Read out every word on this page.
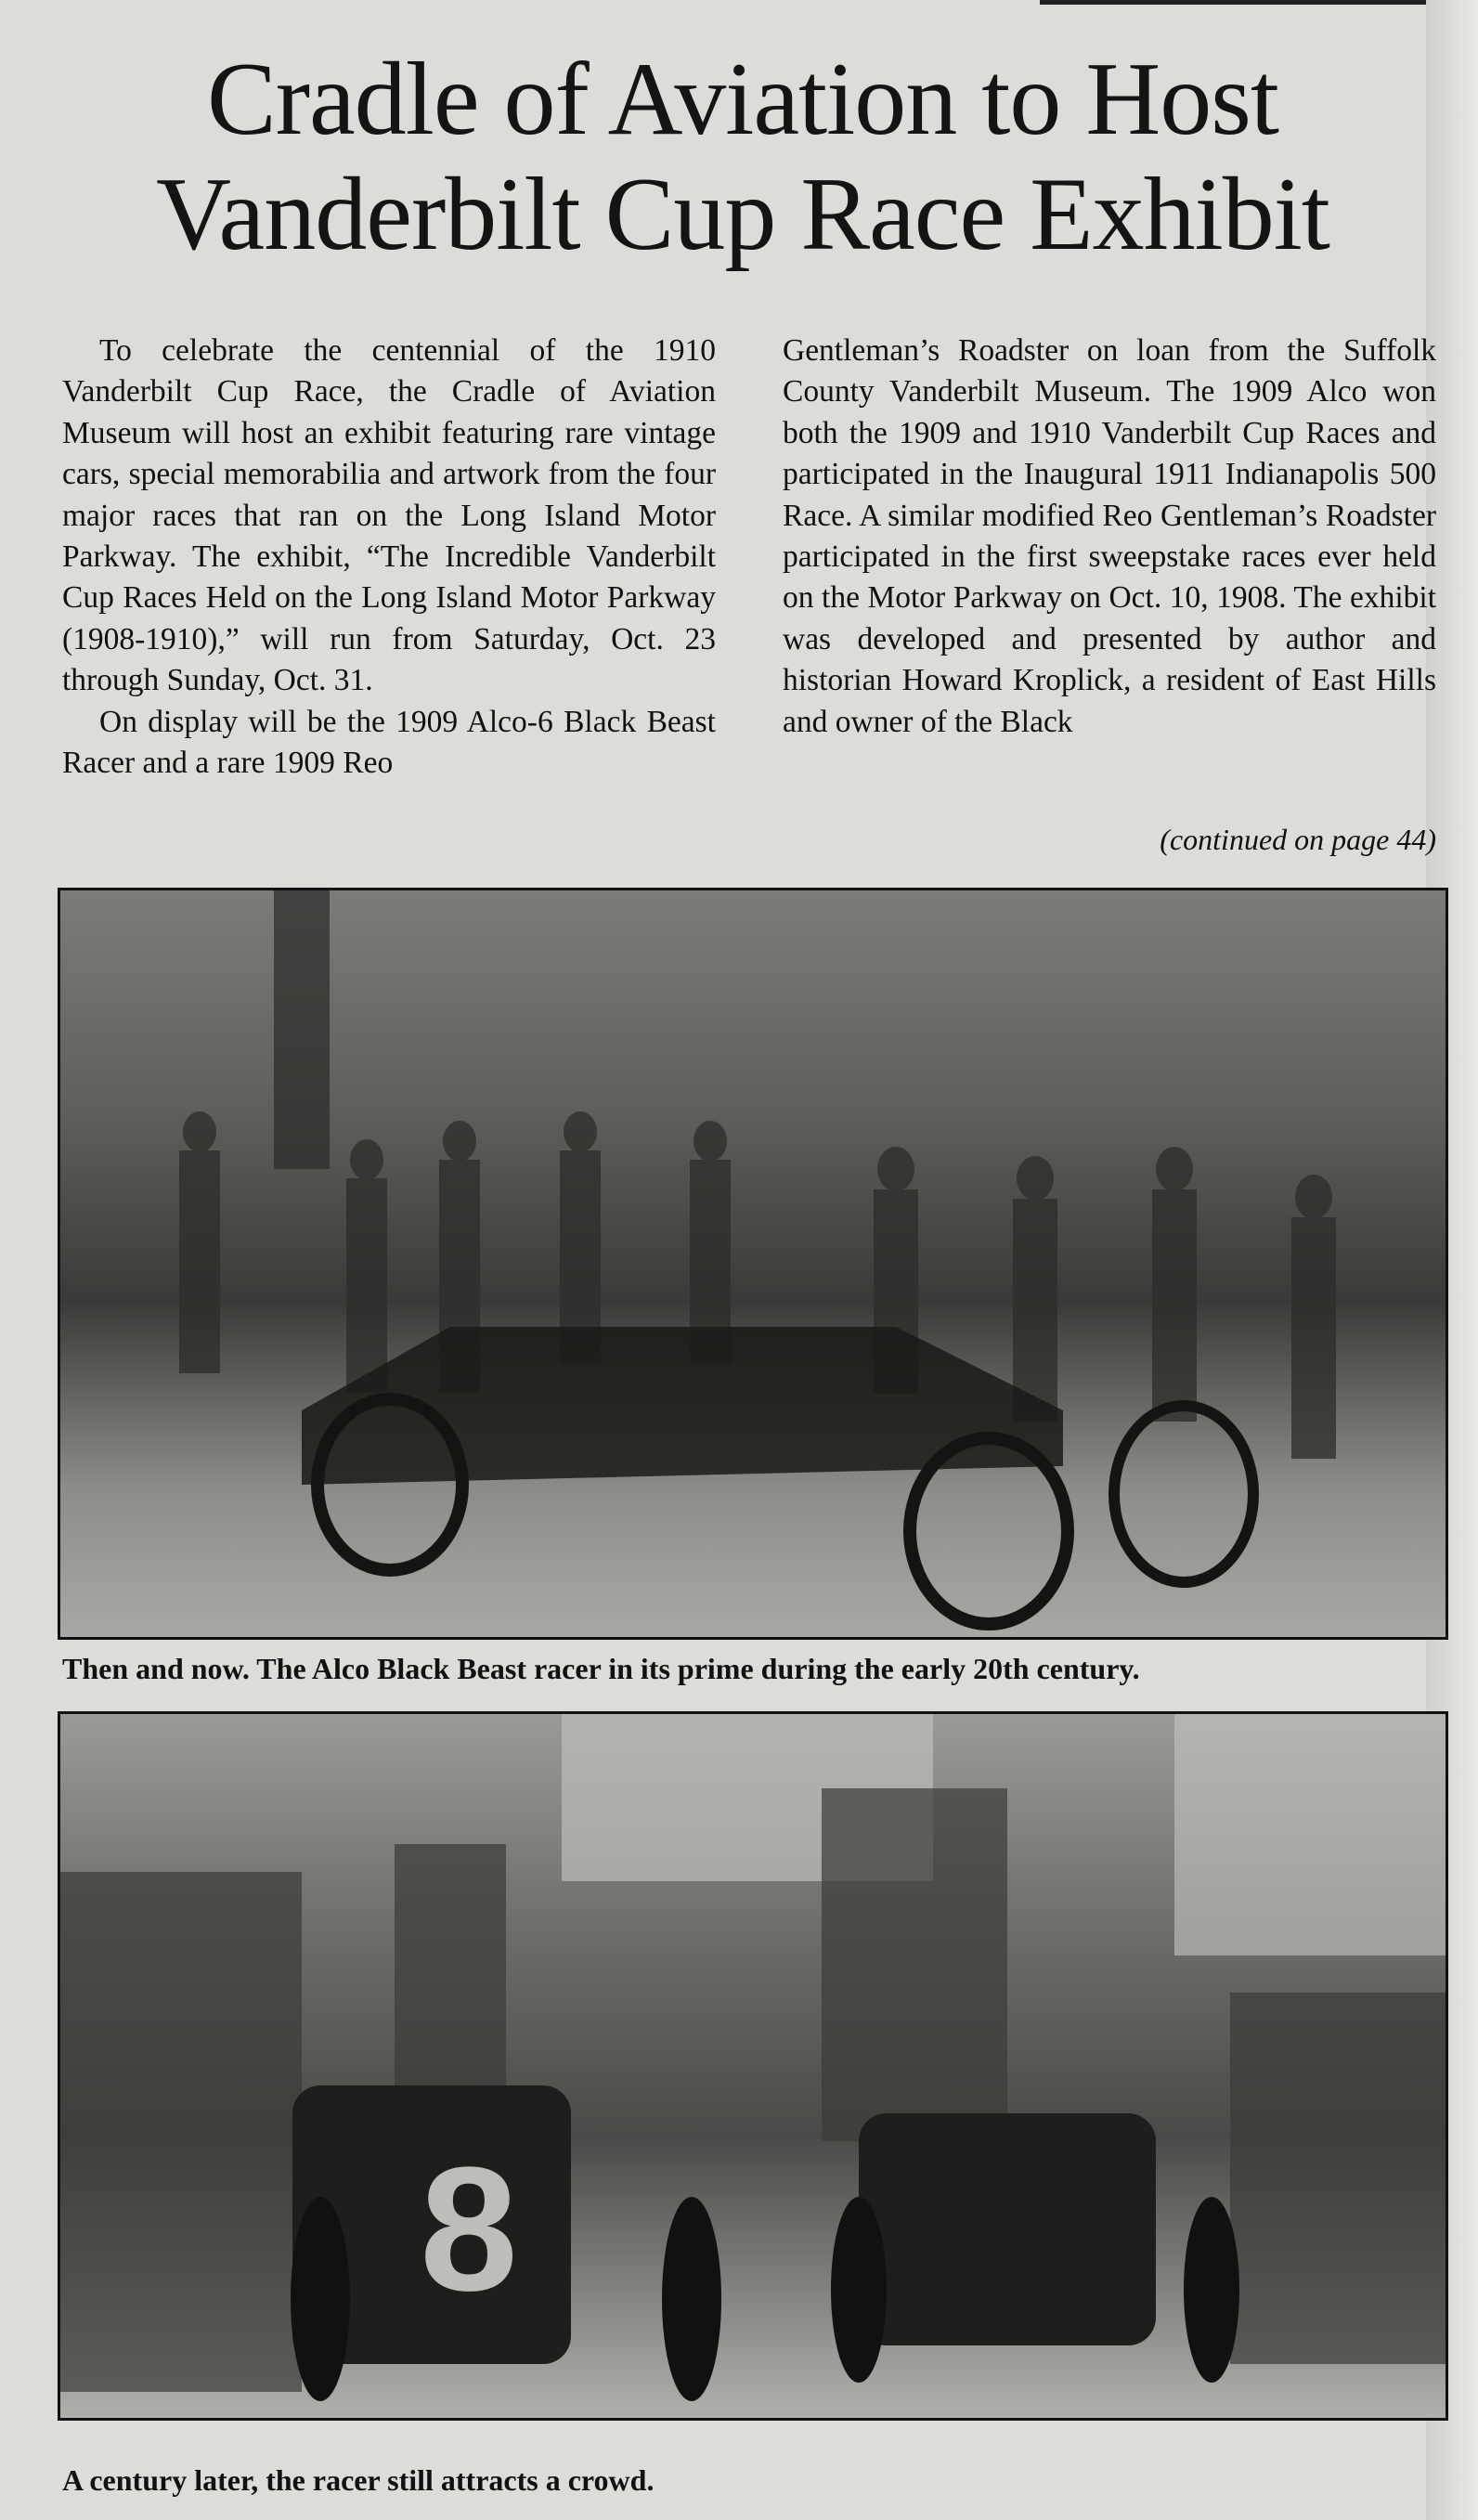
Cradle of Aviation to Host
Vanderbilt Cup Race Exhibit

To celebrate the centennial of the 1910 Vanderbilt Cup Race, the Cradle of Aviation Museum will host an exhibit featuring rare vintage cars, special memorabilia and artwork from the four major races that ran on the Long Island Motor Parkway. The exhibit, “The Incredible Vanderbilt Cup Races Held on the Long Island Motor Parkway (1908-1910),” will run from Saturday, Oct. 23 through Sunday, Oct. 31.

On display will be the 1909 Alco-6 Black Beast Racer and a rare 1909 Reo

Gentleman’s Roadster on loan from the Suffolk County Vanderbilt Museum. The 1909 Alco won both the 1909 and 1910 Vanderbilt Cup Races and participated in the Inaugural 1911 Indianapolis 500 Race. A similar modified Reo Gentleman’s Roadster participated in the first sweepstake races ever held on the Motor Parkway on Oct. 10, 1908. The exhibit was developed and presented by author and historian Howard Kroplick, a resident of East Hills and owner of the Black

(continued on page 44)
Then and now. The Alco Black Beast racer in its prime during the early 20th century.
8
A century later, the racer still attracts a crowd.
